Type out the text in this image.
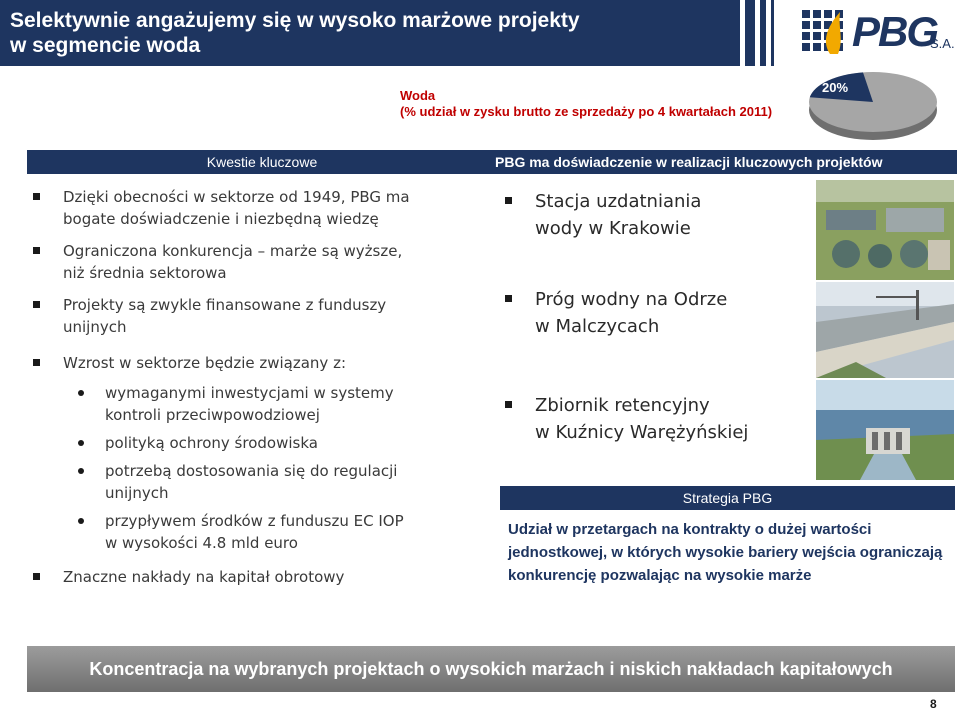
Selektywnie angażujemy się w wysoko marżowe projekty
w segmencie woda	PBG
S.A.
Woda
(% udział w zysku brutto ze sprzedaży po 4 kwartałach 2011)
20%
Kwestie kluczowe
Dzięki obecności w sektorze od 1949, PBG ma
bogate doświadczenie i niezbędną wiedzę
Ograniczona konkurencja – marże są wyższe,
niż średnia sektorowa
Projekty są zwykle finansowane z funduszy
unijnych
Wzrost w sektorze będzie związany z:
wymaganymi inwestycjami w systemy
kontroli przeciwpowodziowej
polityką ochrony środowiska
potrzebą dostosowania się do regulacji
unijnych
przypływem środków z funduszu EC IOP
w wysokości 4.8 mld euro
Znaczne nakłady na kapitał obrotowy
PBG ma doświadczenie w realizacji kluczowych projektów
Stacja uzdatniania
wody w Krakowie
Próg wodny na Odrze
w Malczycach
Zbiornik retencyjny
w Kuźnicy Warężyńskiej
Strategia PBG
Udział w przetargach na kontrakty o dużej wartości jednostkowej, w których wysokie bariery wejścia ograniczają konkurencję pozwalając na wysokie marże
Koncentracja na wybranych projektach o wysokich marżach i niskich nakładach kapitałowych
8
